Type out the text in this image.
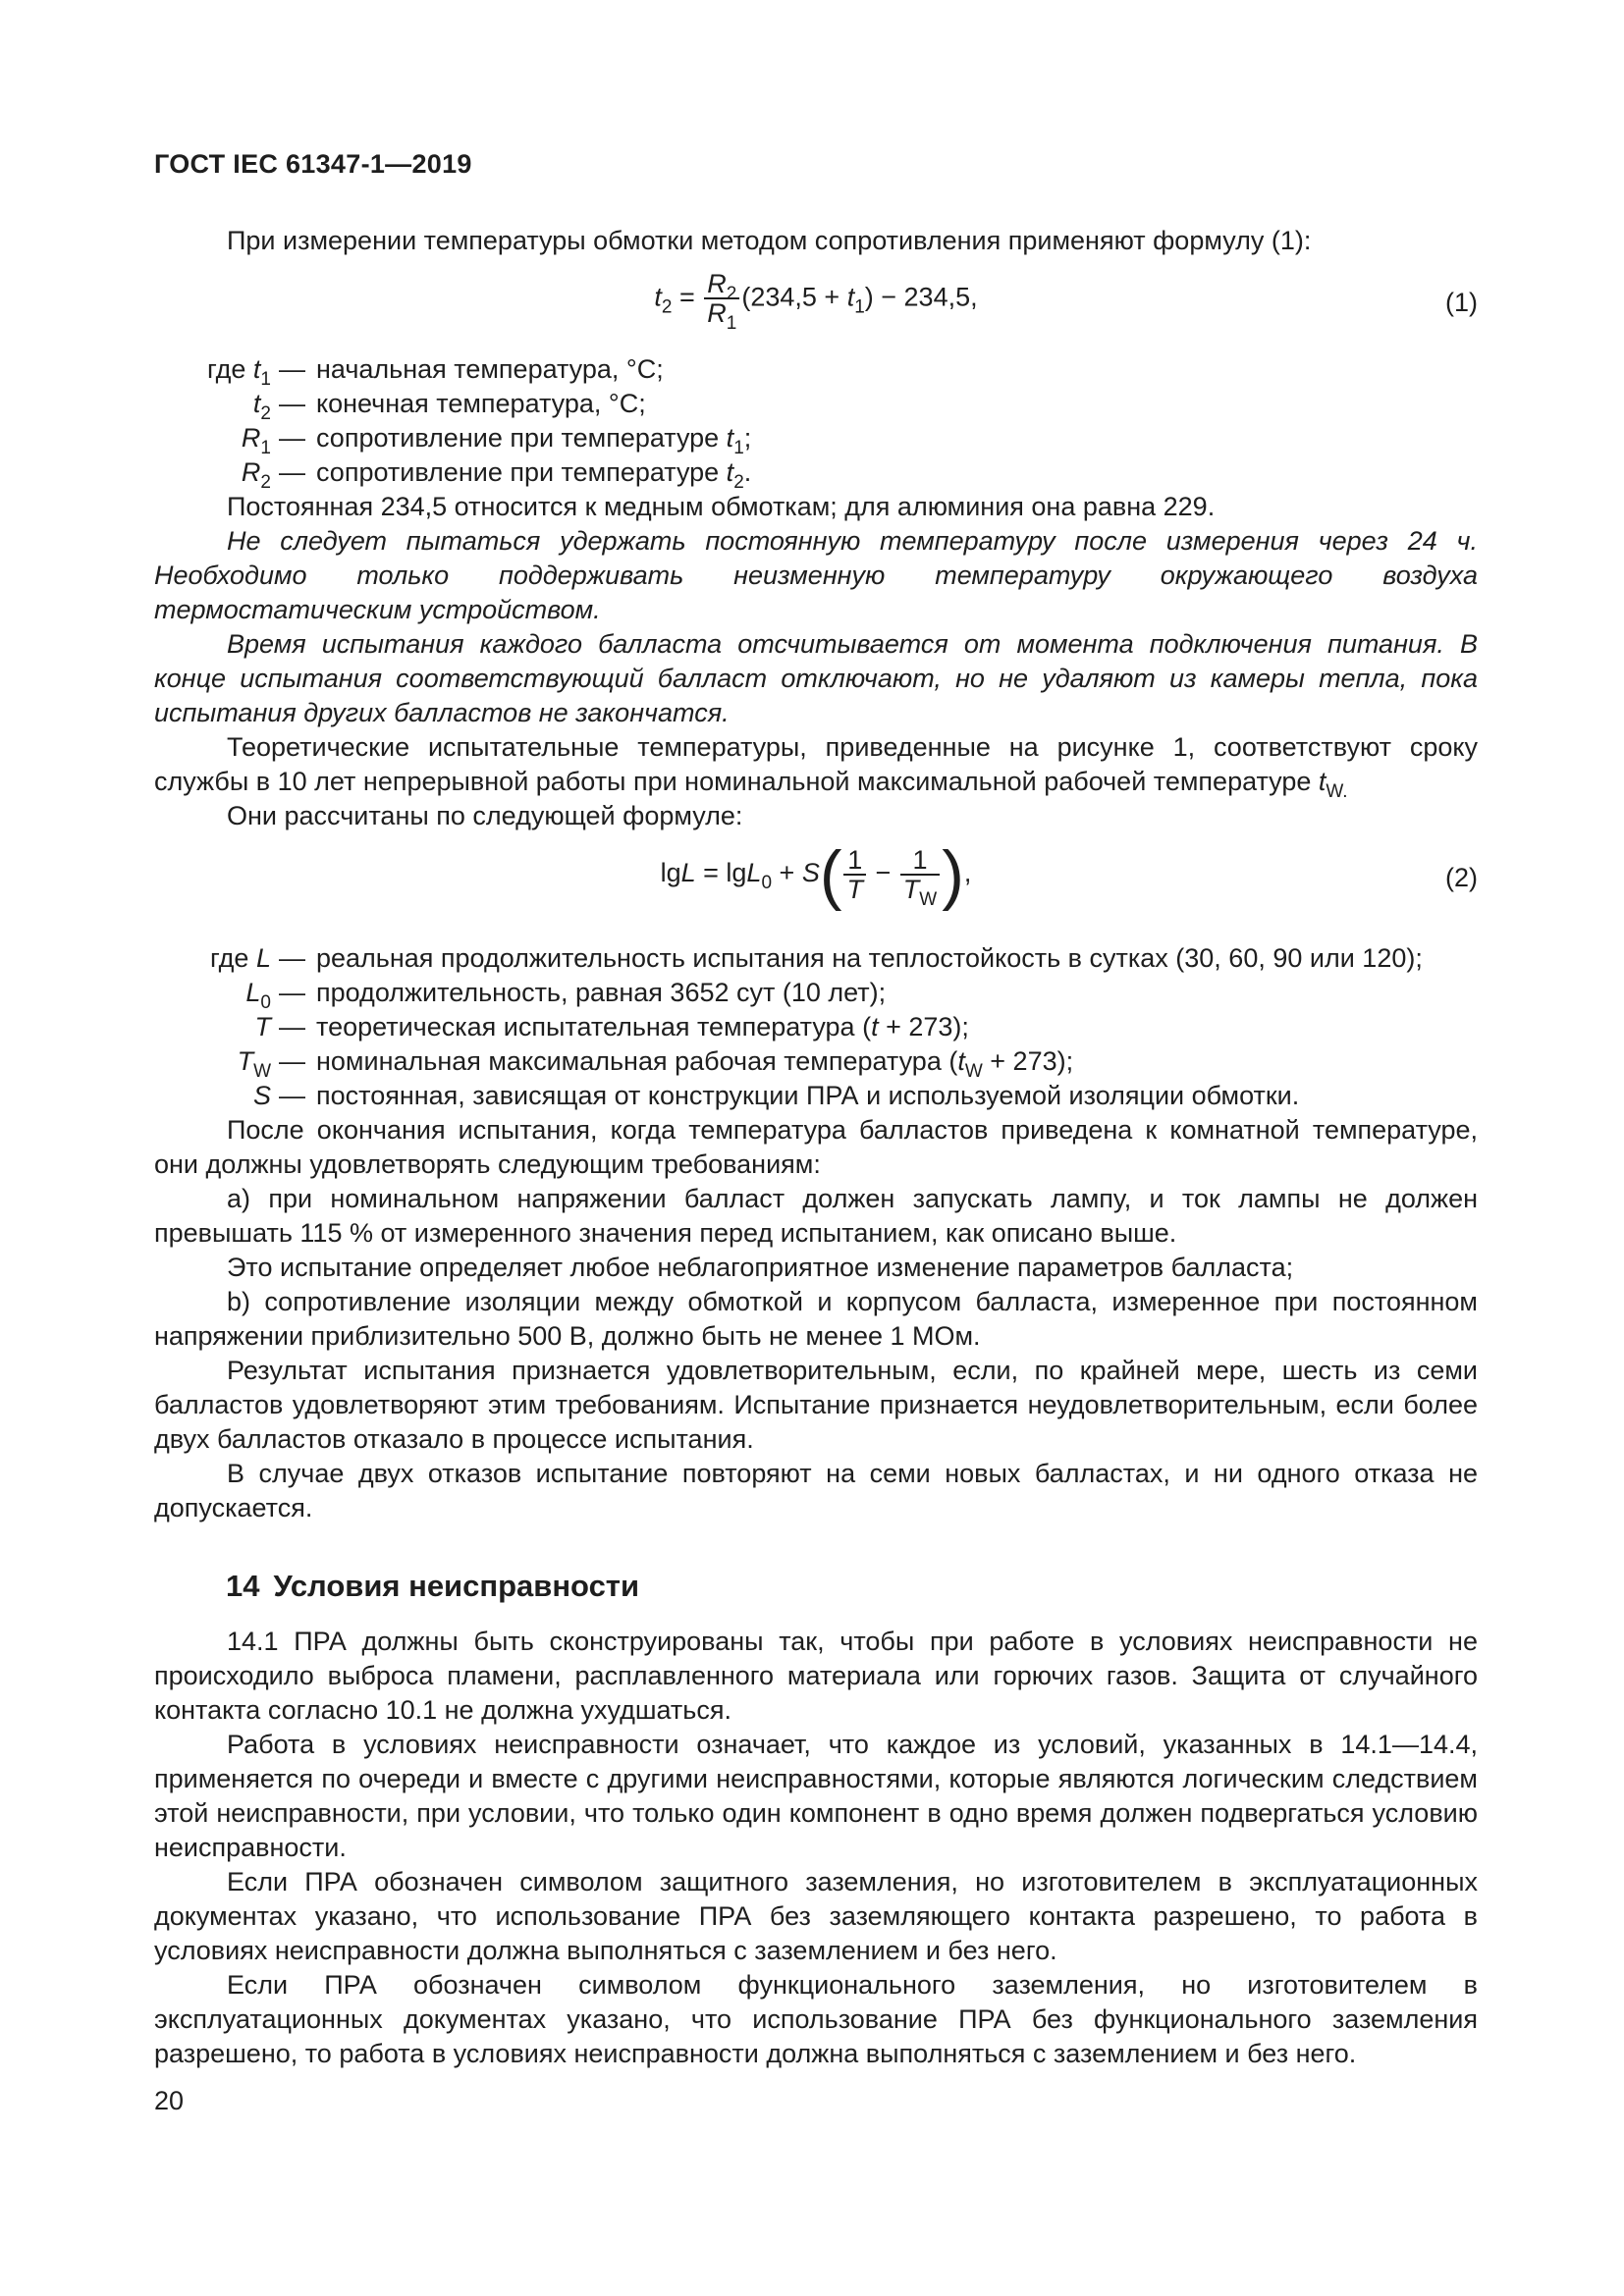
ГОСТ IEC 61347-1—2019

При измерении температуры обмотки методом сопротивления применяют формулу (1):

$t_2 = \frac{R_2}{R_1} (234,5 + t_1) - 234,5$,	(1)
где $t_1$ — начальная температура, °С;
$t_2$ — конечная температура, °С;
$R_1$ — сопротивление при температуре $t_1$;
$R_2$ — сопротивление при температуре $t_2$.

Постоянная 234,5 относится к медным обмоткам; для алюминия она равна 229.

Не следует пытаться удержать постоянную температуру после измерения через 24 ч. Необходимо только поддерживать неизменную температуру окружающего воздуха термостатическим устройством.

Время испытания каждого балласта отсчитывается от момента подключения питания. В конце испытания соответствующий балласт отключают, но не удаляют из камеры тепла, пока испытания других балластов не закончатся.

Теоретические испытательные температуры, приведенные на рисунке 1, соответствуют сроку службы в 10 лет непрерывной работы при номинальной максимальной рабочей температуре $t_{W.}$

Они рассчитаны по следующей формуле:

$\lg L = \lg L_0 + S( \frac{1}{T} - \frac{1}{T_W}$ ),	(2)
где L — реальная продолжительность испытания на теплостойкость в сутках (30, 60, 90 или 120);
$L_0$ — продолжительность, равная 3652 сут (10 лет);
T — теоретическая испытательная температура (t + 273);
$T_W$ — номинальная максимальная рабочая температура $(t_W + 273)$;
S — постоянная, зависящая от конструкции ПРА и используемой изоляции обмотки.

После окончания испытания, когда температура балластов приведена к комнатной температуре, они должны удовлетворять следующим требованиям:

a) при номинальном напряжении балласт должен запускать лампу, и ток лампы не должен превышать 115 % от измеренного значения перед испытанием, как описано выше.

Это испытание определяет любое неблагоприятное изменение параметров балласта;

b) сопротивление изоляции между обмоткой и корпусом балласта, измеренное при постоянном напряжении приблизительно 500 В, должно быть не менее 1 МОм.

Результат испытания признается удовлетворительным, если, по крайней мере, шесть из семи балластов удовлетворяют этим требованиям. Испытание признается неудовлетворительным, если более двух балластов отказало в процессе испытания.

В случае двух отказов испытание повторяют на семи новых балластах, и ни одного отказа не допускается.

14 Условия неисправности

14.1 ПРА должны быть сконструированы так, чтобы при работе в условиях неисправности не происходило выброса пламени, расплавленного материала или горючих газов. Защита от случайного контакта согласно 10.1 не должна ухудшаться.

Работа в условиях неисправности означает, что каждое из условий, указанных в 14.1—14.4, применяется по очереди и вместе с другими неисправностями, которые являются логическим следствием этой неисправности, при условии, что только один компонент в одно время должен подвергаться условию неисправности.

Если ПРА обозначен символом защитного заземления, но изготовителем в эксплуатационных документах указано, что использование ПРА без заземляющего контакта разрешено, то работа в условиях неисправности должна выполняться с заземлением и без него.

Если ПРА обозначен символом функционального заземления, но изготовителем в эксплуатационных документах указано, что использование ПРА без функционального заземления разрешено, то работа в условиях неисправности должна выполняться с заземлением и без него.

20
